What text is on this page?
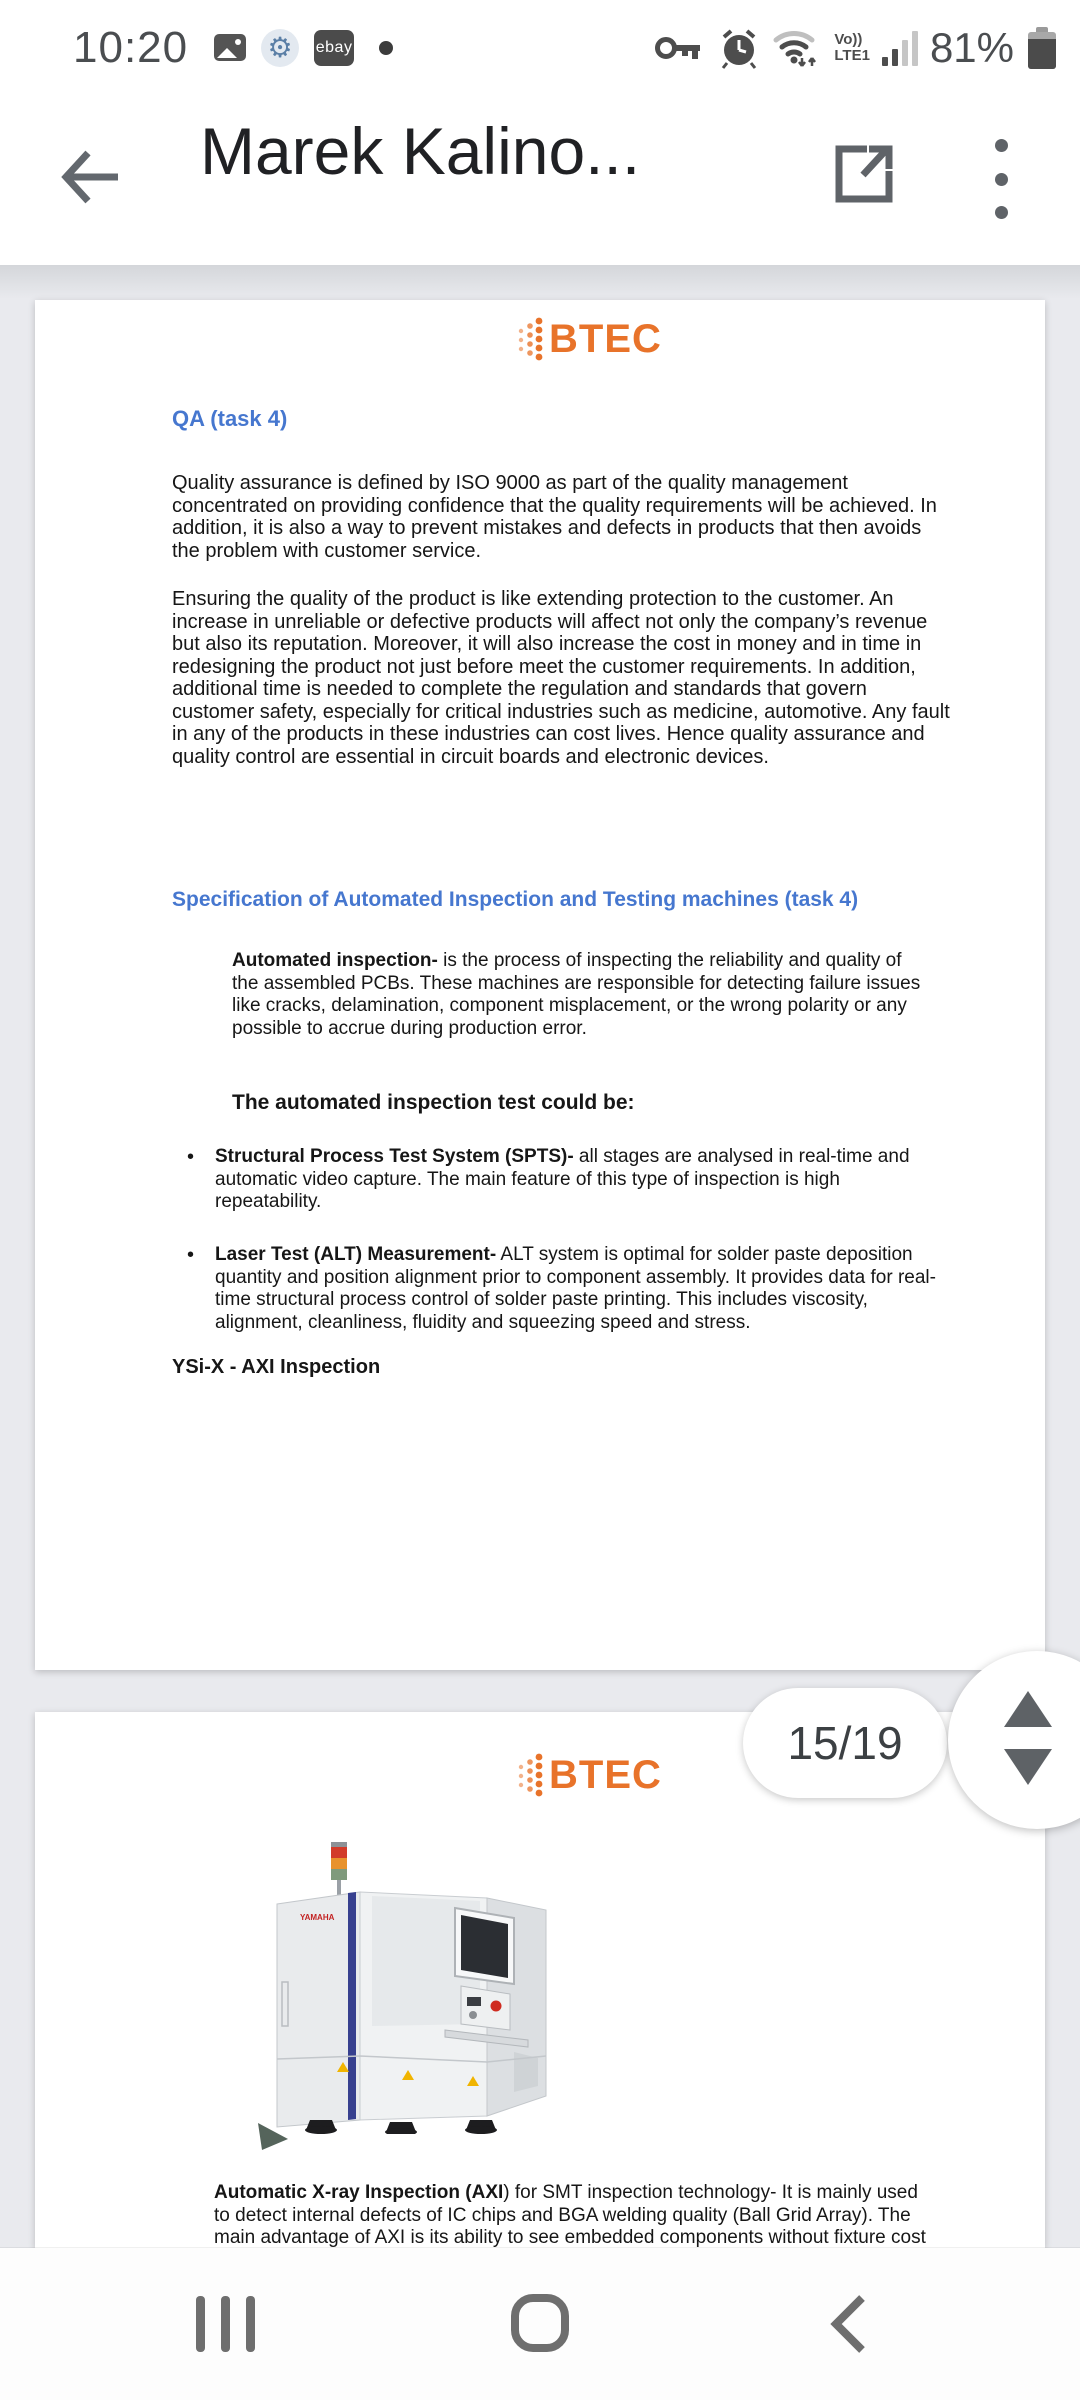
10:20	⚙ ebay	Vo))
LTE1 81%
Marek Kalino...
BTEC
QA (task 4)
Quality assurance is defined by ISO 9000 as part of the quality management concentrated on providing confidence that the quality requirements will be achieved. In addition, it is also a way to prevent mistakes and defects in products that then avoids the problem with customer service.
Ensuring the quality of the product is like extending protection to the customer. An increase in unreliable or defective products will affect not only the company’s revenue but also its reputation. Moreover, it will also increase the cost in money and in time in redesigning the product not just before meet the customer requirements. In addition, additional time is needed to complete the regulation and standards that govern customer safety, especially for critical industries such as medicine, automotive. Any fault in any of the products in these industries can cost lives. Hence quality assurance and quality control are essential in circuit boards and electronic devices.
Specification of Automated Inspection and Testing machines (task 4)
Automated inspection- is the process of inspecting the reliability and quality of the assembled PCBs. These machines are responsible for detecting failure issues like cracks, delamination, component misplacement, or the wrong polarity or any possible to accrue during production error.
The automated inspection test could be:
• Structural Process Test System (SPTS)- all stages are analysed in real-time and automatic video capture. The main feature of this type of inspection is high repeatability.
• Laser Test (ALT) Measurement- ALT system is optimal for solder paste deposition quantity and position alignment prior to component assembly. It provides data for real-time structural process control of solder paste printing. This includes viscosity, alignment, cleanliness, fluidity and squeezing speed and stress.
YSi-X - AXI Inspection
BTEC
YAMAHA
Automatic X-ray Inspection (AXI) for SMT inspection technology- It is mainly used to detect internal defects of IC chips and BGA welding quality (Ball Grid Array). The main advantage of AXI is its ability to see embedded components without fixture cost
15/19
